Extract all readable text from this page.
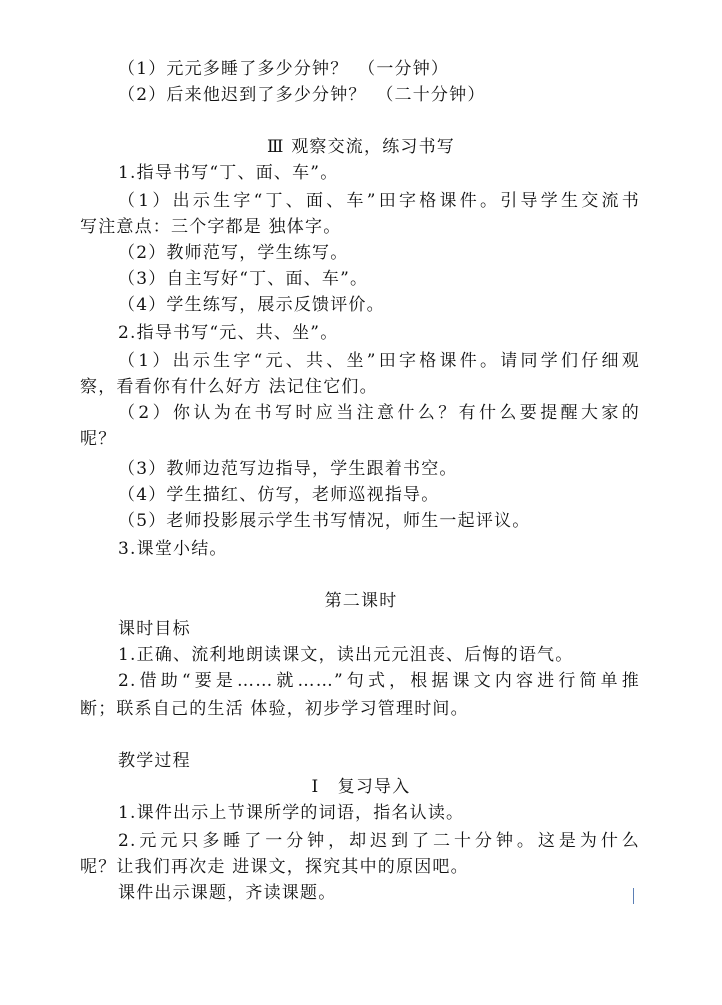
（1）元元多睡了多少分钟？　（一分钟）
（2）后来他迟到了多少分钟？　（二十分钟）
Ⅲ 观察交流，练习书写
1.指导书写“丁、面、车”。
（1）出示生字“丁、面、车”田字格课件。引导学生交流书
写注意点：三个字都是 独体字。
（2）教师范写，学生练写。
（3）自主写好“丁、面、车”。
（4）学生练写，展示反馈评价。
2.指导书写“元、共、坐”。
（1）出示生字“元、共、坐”田字格课件。请同学们仔细观
察，看看你有什么好方 法记住它们。
（2）你认为在书写时应当注意什么？有什么要提醒大家的
呢？
（3）教师边范写边指导，学生跟着书空。
（4）学生描红、仿写，老师巡视指导。
（5）老师投影展示学生书写情况，师生一起评议。
3.课堂小结。
第二课时
课时目标
1.正确、流利地朗读课文，读出元元沮丧、后悔的语气。
2.借助“要是……就……”句式，根据课文内容进行简单推
断；联系自己的生活 体验，初步学习管理时间。
教学过程
Ⅰ　复习导入
1.课件出示上节课所学的词语，指名认读。
2.元元只多睡了一分钟，却迟到了二十分钟。这是为什么
呢？让我们再次走 进课文，探究其中的原因吧。
课件出示课题，齐读课题。
